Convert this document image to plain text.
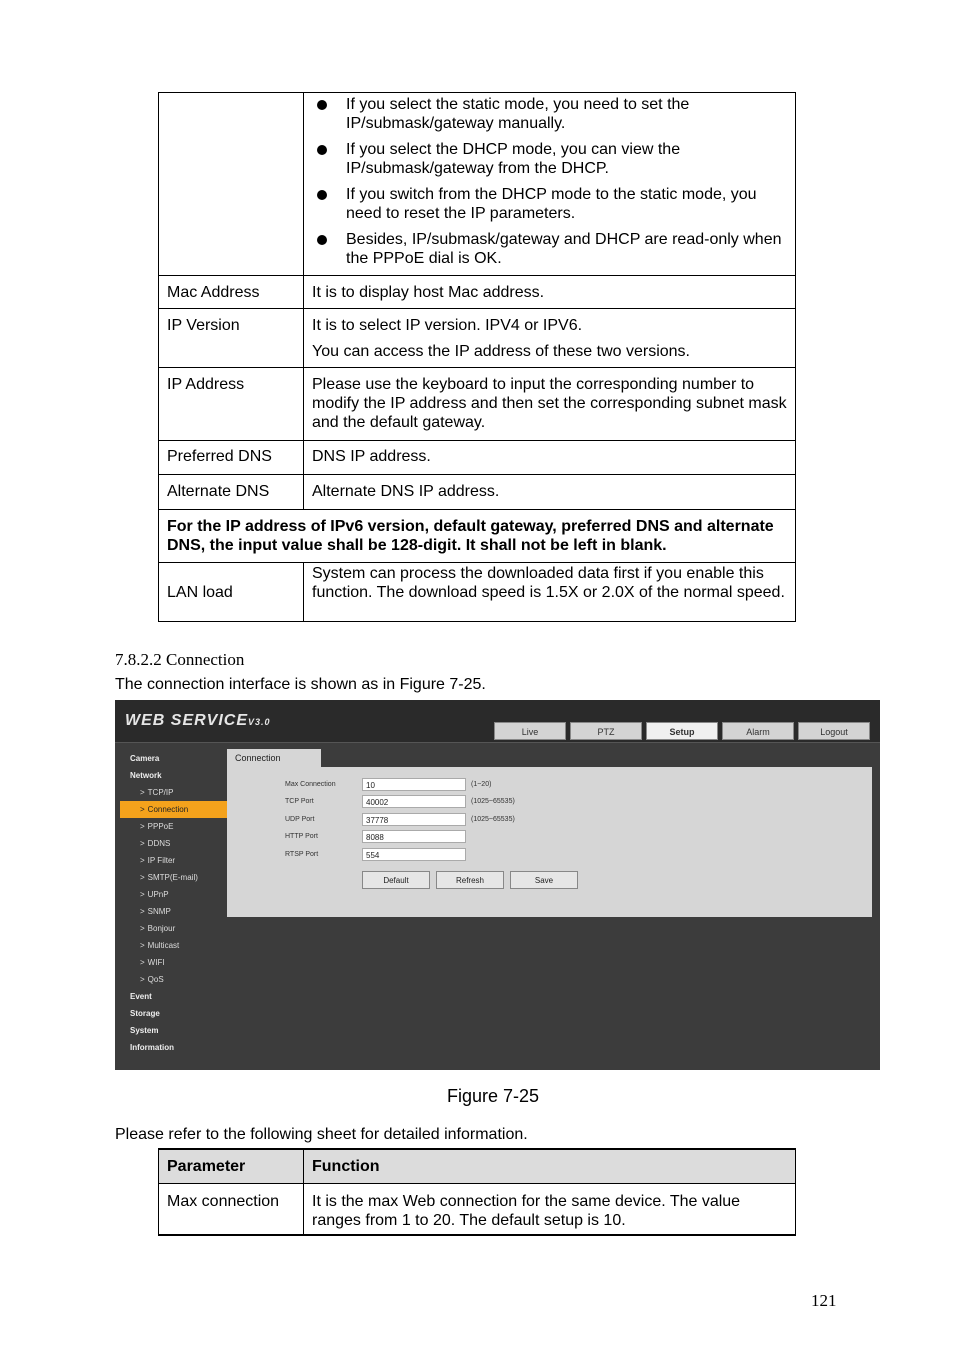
	If you select the static mode, you need to set the IP/submask/gateway manually.

If you select the DHCP mode, you can view the IP/submask/gateway from the DHCP.

If you switch from the DHCP mode to the static mode, you need to reset the IP parameters.

Besides, IP/submask/gateway and DHCP are read-only when the PPPoE dial is OK.

Mac Address	It is to display host Mac address.
IP Version	It is to select IP version. IPV4 or IPV6.
You can access the IP address of these two versions.

IP Address	Please use the keyboard to input the corresponding number to modify the IP address and then set the corresponding subnet mask and the default gateway.
Preferred DNS	DNS IP address.
Alternate DNS	Alternate DNS IP address.
For the IP address of IPv6 version, default gateway, preferred DNS and alternate DNS, the input value shall be 128-digit. It shall not be left in blank.	
LAN load	System can process the downloaded data first if you enable this function. The download speed is 1.5X or 2.0X of the normal speed.
7.8.2.2 Connection
The connection interface is shown as in Figure 7-25.
WEB SERVICEV3.0
Live	PTZ	Setup	Alarm	Logout
Camera
Network
> TCP/IP
> Connection
> PPPoE
> DDNS
> IP Filter
> SMTP(E-mail)
> UPnP
> SNMP
> Bonjour
> Multicast
> WIFI
> QoS
Event
Storage
System
Information
Connection
Max Connection	10	(1~20)
TCP Port	40002	(1025~65535)
UDP Port	37778	(1025~65535)
HTTP Port	8088
RTSP Port	554
Default	Refresh	Save
Figure 7-25
Please refer to the following sheet for detailed information.
Parameter	Function
Max connection	It is the max Web connection for the same device. The value ranges from 1 to 20. The default setup is 10.
121
